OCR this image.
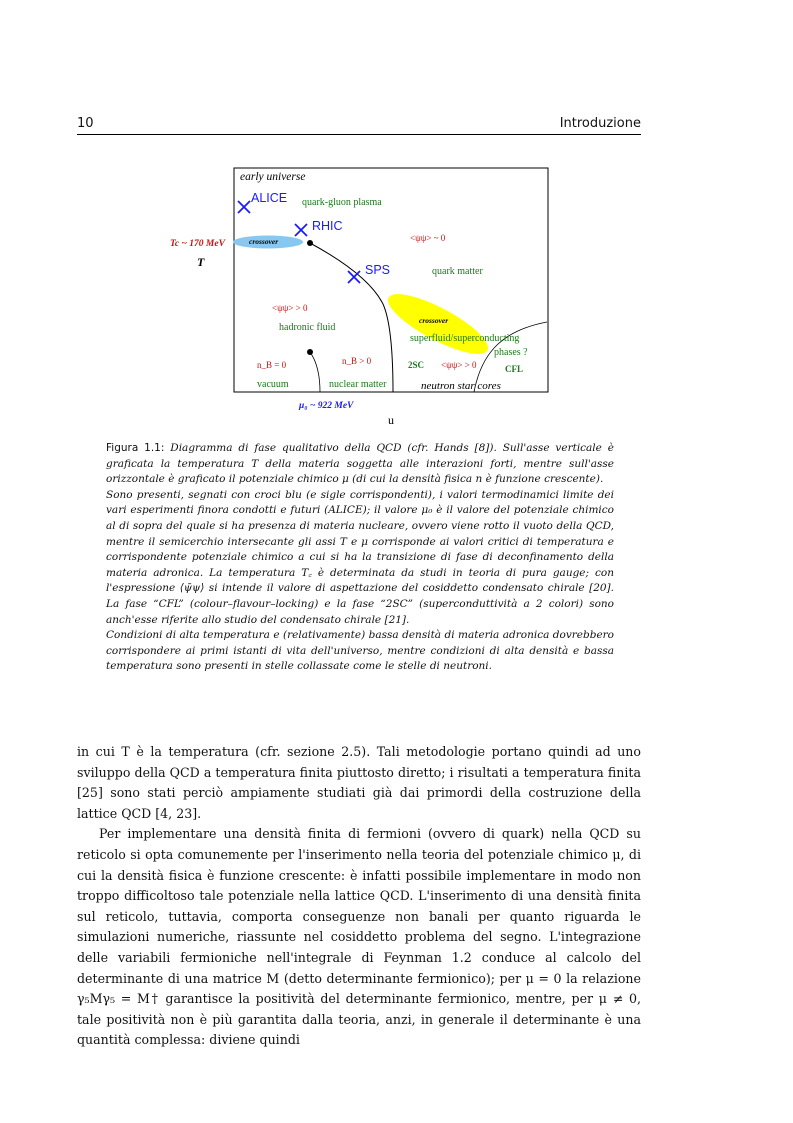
10	Introduzione
early universe
ALICE
RHIC
SPS
quark-gluon plasma
quark matter
hadronic fluid
vacuum	nuclear matter
superfluid/superconducting
phases ?
neutron star cores
crossover
crossover
<ψψ> ~ 0
<ψψ> > 0
<ψψ> > 0
n_B = 0	n_B > 0	2SC	CFL
Tc ~ 170 MeV
T
μ₀ ~ 922 MeV
u
Figura 1.1: Diagramma di fase qualitativo della QCD (cfr. Hands [8]). Sull'asse verticale è graficata la temperatura T della materia soggetta alle interazioni forti, mentre sull'asse orizzontale è graficato il potenziale chimico μ (di cui la densità fisica n è funzione crescente).
Sono presenti, segnati con croci blu (e sigle corrispondenti), i valori termodinamici limite dei vari esperimenti finora condotti e futuri (ALICE); il valore μ₀ è il valore del potenziale chimico al di sopra del quale si ha presenza di materia nucleare, ovvero viene rotto il vuoto della QCD, mentre il semicerchio intersecante gli assi T e μ corrisponde ai valori critici di temperatura e corrispondente potenziale chimico a cui si ha la transizione di fase di deconfinamento della materia adronica. La temperatura T꜀ è determinata da studi in teoria di pura gauge; con l'espressione ⟨ψ̄ψ⟩ si intende il valore di aspettazione del cosiddetto condensato chirale [20]. La fase “CFL” (colour–flavour–locking) e la fase “2SC” (superconduttività a 2 colori) sono anch'esse riferite allo studio del condensato chirale [21].
Condizioni di alta temperatura e (relativamente) bassa densità di materia adronica dovrebbero corrispondere ai primi istanti di vita dell'universo, mentre condizioni di alta densità e bassa temperatura sono presenti in stelle collassate come le stelle di neutroni.

in cui T è la temperatura (cfr. sezione 2.5). Tali metodologie portano quindi ad uno sviluppo della QCD a temperatura finita piuttosto diretto; i risultati a temperatura finita [25] sono stati perciò ampiamente studiati già dai primordi della costruzione della lattice QCD [4, 23].

Per implementare una densità finita di fermioni (ovvero di quark) nella QCD su reticolo si opta comunemente per l'inserimento nella teoria del potenziale chimico μ, di cui la densità fisica è funzione crescente: è infatti possibile implementare in modo non troppo difficoltoso tale potenziale nella lattice QCD. L'inserimento di una densità finita sul reticolo, tuttavia, comporta conseguenze non banali per quanto riguarda le simulazioni numeriche, riassunte nel cosiddetto problema del segno. L'integrazione delle variabili fermioniche nell'integrale di Feynman 1.2 conduce al calcolo del determinante di una matrice M (detto determinante fermionico); per μ = 0 la relazione γ₅Mγ₅ = M† garantisce la positività del determinante fermionico, mentre, per μ ≠ 0, tale positività non è più garantita dalla teoria, anzi, in generale il determinante è una quantità complessa: diviene quindi
